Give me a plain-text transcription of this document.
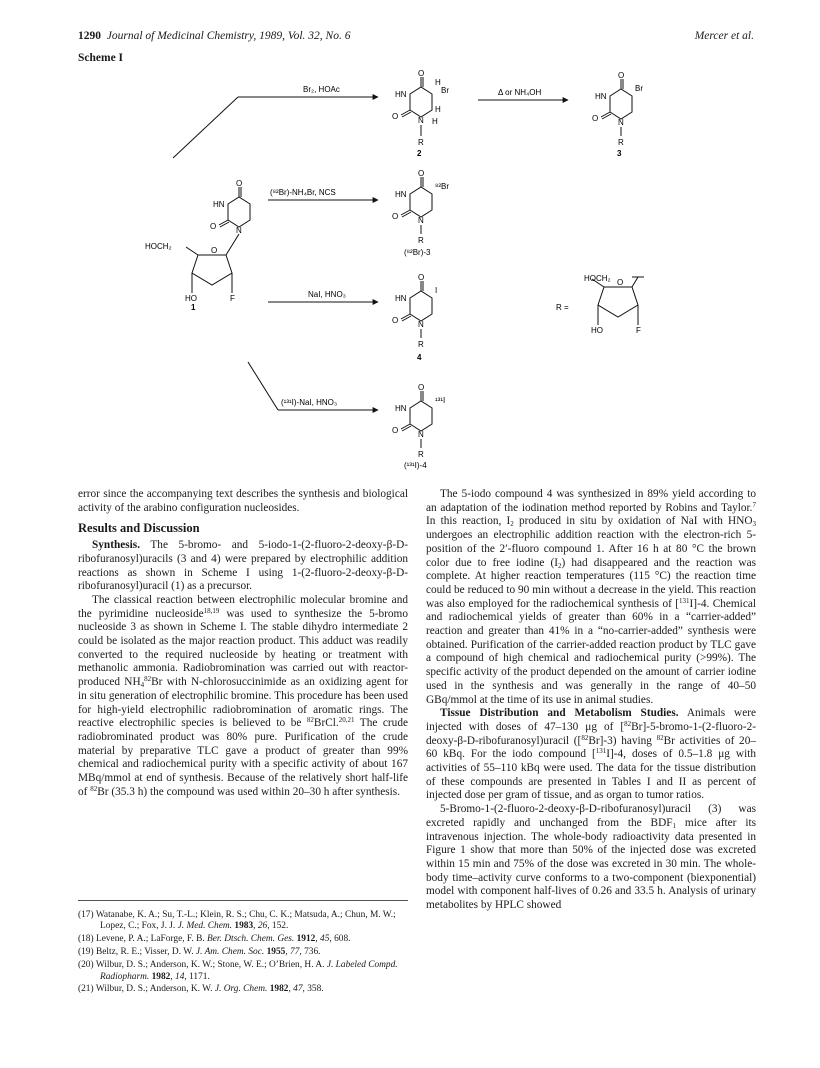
1290 Journal of Medicinal Chemistry, 1989, Vol. 32, No. 6	Mercer et al.
Scheme I
Br₂, HOAc
O
HN
O N
H
Br
H
H
R
2
Δ or NH₄OH
O
HN
O N
Br
R
3
O
HN
O N
HOCH₂	O
HO	F
1
(⁸²Br)-NH₄Br, NCS
O
HN
O N
⁸²Br
R
(⁸²Br)-3
NaI, HNO₃
O
HN
O N
I
R
4
R =
HOCH₂ O
HO	F
(¹³¹I)-NaI, HNO₃
O
HN
O N
¹³¹I
R
(¹³¹I)-4

error since the accompanying text describes the synthesis and biological activity of the arabino configuration nucleosides.

Results and Discussion

Synthesis. The 5-bromo- and 5-iodo-1-(2-fluoro-2-deoxy-β-D-ribofuranosyl)uracils (3 and 4) were prepared by electrophilic addition reactions as shown in Scheme I using 1-(2-fluoro-2-deoxy-β-D-ribofuranosyl)uracil (1) as a precursor.

The classical reaction between electrophilic molecular bromine and the pyrimidine nucleoside$^{18,19}$ was used to synthesize the 5-bromo nucleoside 3 as shown in Scheme I. The stable dihydro intermediate 2 could be isolated as the major reaction product. This adduct was readily converted to the required nucleoside by heating or treatment with methanolic ammonia. Radiobromination was carried out with reactor-produced $NH_4^{82}Br$ with N-chlorosuccinimide as an oxidizing agent for in situ generation of electrophilic bromine. This procedure has been used for high-yield electrophilic radiobromination of aromatic rings. The reactive electrophilic species is believed to be $^{82}$BrCl.$^{20,21}$ The crude radiobrominated product was 80% pure. Purification of the crude material by preparative TLC gave a product of greater than 99% chemical and radiochemical purity with a specific activity of about 167 MBq/mmol at end of synthesis. Because of the relatively short half-life of $^{82}$Br (35.3 h) the compound was used within 20–30 h after synthesis.

(17) Watanabe, K. A.; Su, T.-L.; Klein, R. S.; Chu, C. K.; Matsuda, A.; Chun, M. W.; Lopez, C.; Fox, J. J. J. Med. Chem. 1983, 26, 152.
(18) Levene, P. A.; LaForge, F. B. Ber. Dtsch. Chem. Ges. 1912, 45, 608.
(19) Beltz, R. E.; Visser, D. W. J. Am. Chem. Soc. 1955, 77, 736.
(20) Wilbur, D. S.; Anderson, K. W.; Stone, W. E.; O’Brien, H. A. J. Labeled Compd. Radiopharm. 1982, 14, 1171.
(21) Wilbur, D. S.; Anderson, K. W. J. Org. Chem. 1982, 47, 358.

The 5-iodo compound 4 was synthesized in 89% yield according to an adaptation of the iodination method reported by Robins and Taylor.$^7$ In this reaction, $I_2$ produced in situ by oxidation of NaI with $HNO_3$ undergoes an electrophilic addition reaction with the electron-rich 5-position of the 2′-fluoro compound 1. After 16 h at 80 °C the brown color due to free iodine $(I_2)$ had disappeared and the reaction was complete. At higher reaction temperatures (115 °C) the reaction time could be reduced to 90 min without a decrease in the yield. This reaction was also employed for the radiochemical synthesis of [$^{131}$I]-4. Chemical and radiochemical yields of greater than 60% in a “carrier-added” reaction and greater than 41% in a “no-carrier-added” synthesis were obtained. Purification of the carrier-added reaction product by TLC gave a compound of high chemical and radiochemical purity (>99%). The specific activity of the product depended on the amount of carrier iodine used in the synthesis and was generally in the range of 40–50 GBq/mmol at the time of its use in animal studies.

Tissue Distribution and Metabolism Studies. Animals were injected with doses of 47–130 μg of [$^{82}$Br]-5-bromo-1-(2-fluoro-2-deoxy-β-D-ribofuranosyl)uracil ([$^{82}$Br]-3) having $^{82}$Br activities of 20–60 kBq. For the iodo compound [$^{131}$I]-4, doses of 0.5–1.8 μg with activities of 55–110 kBq were used. The data for the tissue distribution of these compounds are presented in Tables I and II as percent of injected dose per gram of tissue, and as organ to tumor ratios.

5-Bromo-1-(2-fluoro-2-deoxy-β-D-ribofuranosyl)uracil (3) was excreted rapidly and unchanged from the $BDF_1$ mice after its intravenous injection. The whole-body radioactivity data presented in Figure 1 show that more than 50% of the injected dose was excreted within 15 min and 75% of the dose was excreted in 30 min. The whole-body time–activity curve conforms to a two-component (biexponential) model with component half-lives of 0.26 and 33.5 h. Analysis of urinary metabolites by HPLC showed
